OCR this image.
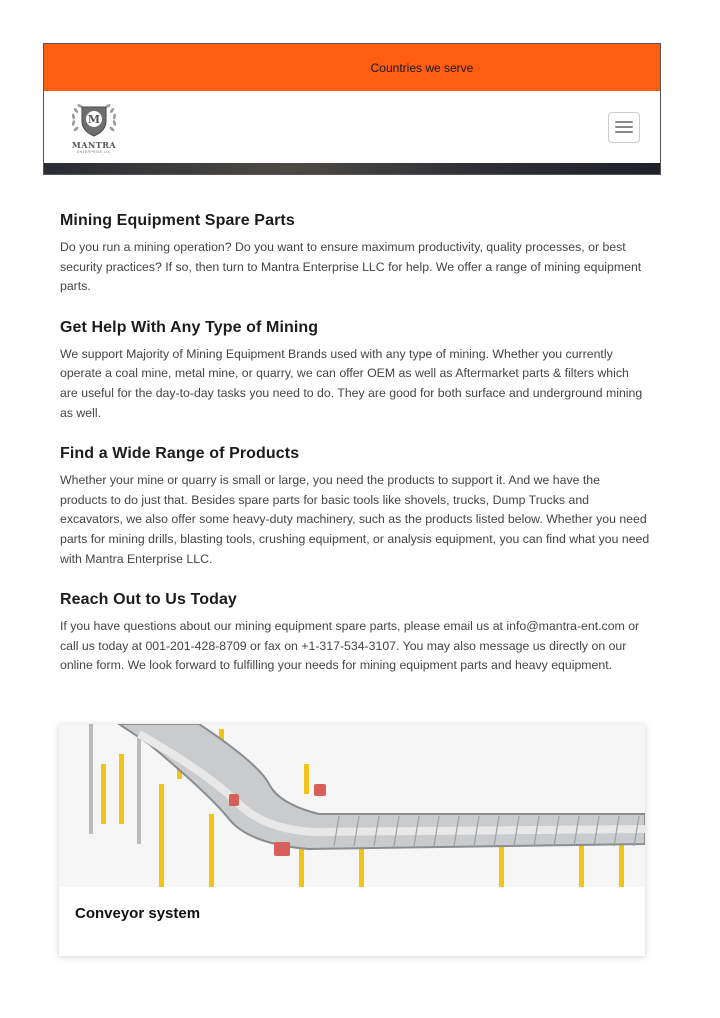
Countries we serve
M
MANTRA
ENTERPRISE LLC
Mining Equipment Spare Parts

Do you run a mining operation? Do you want to ensure maximum productivity, quality processes, or best security practices? If so, then turn to Mantra Enterprise LLC for help. We offer a range of mining equipment parts.

Get Help With Any Type of Mining

We support Majority of Mining Equipment Brands used with any type of mining. Whether you currently operate a coal mine, metal mine, or quarry, we can offer OEM as well as Aftermarket parts & filters which are useful for the day-to-day tasks you need to do. They are good for both surface and underground mining as well.

Find a Wide Range of Products

Whether your mine or quarry is small or large, you need the products to support it. And we have the products to do just that. Besides spare parts for basic tools like shovels, trucks, Dump Trucks and excavators, we also offer some heavy-duty machinery, such as the products listed below. Whether you need parts for mining drills, blasting tools, crushing equipment, or analysis equipment, you can find what you need with Mantra Enterprise LLC.

Reach Out to Us Today

If you have questions about our mining equipment spare parts, please email us at info@mantra-ent.com or call us today at 001-201-428-8709 or fax on +1-317-534-3107. You may also message us directly on our online form. We look forward to fulfilling your needs for mining equipment parts and heavy equipment.

Conveyor system
